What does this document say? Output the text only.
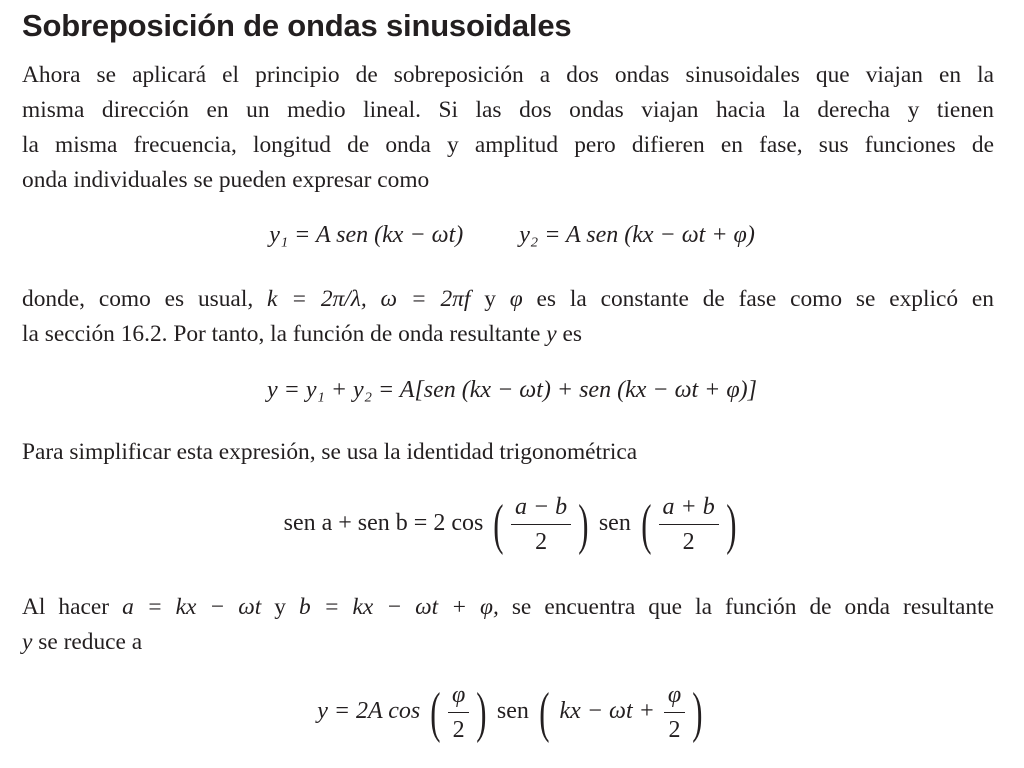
Sobreposición de ondas sinusoidales
Ahora se aplicará el principio de sobreposición a dos ondas sinusoidales que viajan en la
misma dirección en un medio lineal. Si las dos ondas viajan hacia la derecha y tienen
la misma frecuencia, longitud de onda y amplitud pero difieren en fase, sus funciones de
onda individuales se pueden expresar como
y₁ = A sen (kx − ωt) y₂ = A sen (kx − ωt + φ)
donde, como es usual, k = 2π/λ, ω = 2πf y φ es la constante de fase como se explicó en
la sección 16.2. Por tanto, la función de onda resultante y es
y = y₁ + y₂ = A[sen (kx − ωt) + sen (kx − ωt + φ)]
Para simplificar esta expresión, se usa la identidad trigonométrica
sen a + sen b = 2 cos ( $\frac{a - b}{2}$ ) sen ( $\frac{a + b}{2}$ )
Al hacer a = kx − ωt y b = kx − ωt + φ, se encuentra que la función de onda resultante
y se reduce a
y = 2A cos ( $\frac{\varphi}{2}$ ) sen ( kx − $\omega t + \frac{\varphi}{2}$ )
